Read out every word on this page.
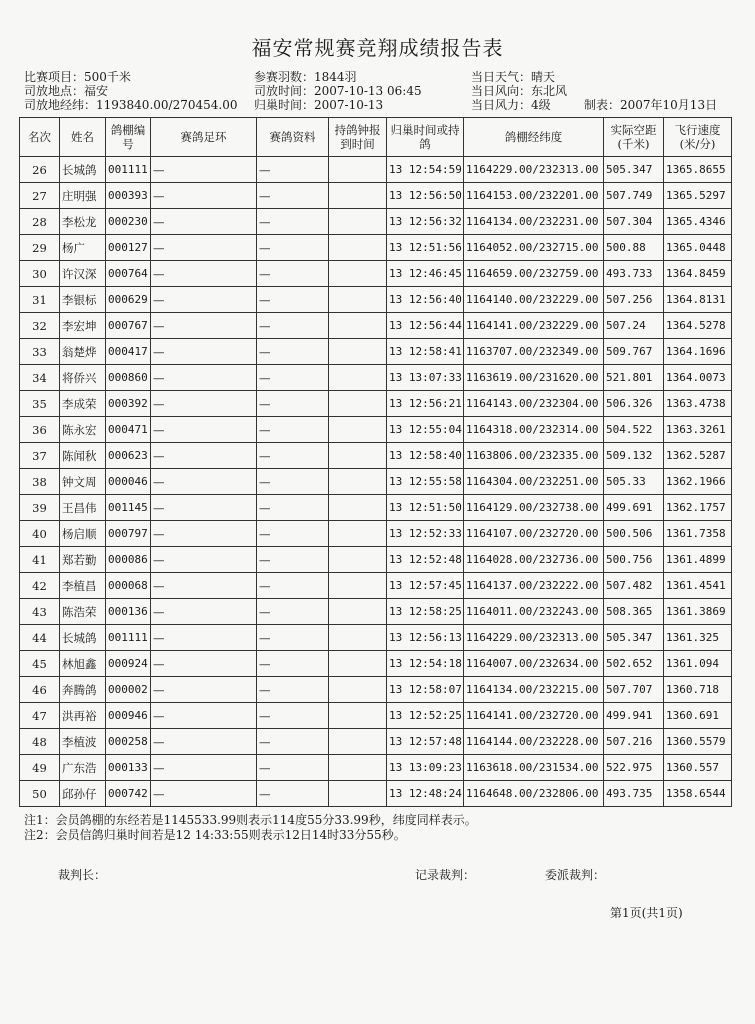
福安常规赛竞翔成绩报告表
比赛项目：500千米
司放地点：福安
司放地经纬：1193840.00/270454.00
参赛羽数：1844羽
司放时间：2007-10-13 06:45
归巢时间：2007-10-13
当日天气：晴天
当日风向：东北风
当日风力：4级	制表：2007年10月13日
名次	姓名	鸽棚编号	赛鸽足环	赛鸽资料	持鸽钟报到时间	归巢时间或持鸽	鸽棚经纬度	实际空距(千米)	飞行速度(米/分)
26	长城鸽	001111	—	—		13 12:54:59	1164229.00/232313.00	505.347	1365.8655
27	庄明强	000393	—	—		13 12:56:50	1164153.00/232201.00	507.749	1365.5297
28	李松龙	000230	—	—		13 12:56:32	1164134.00/232231.00	507.304	1365.4346
29	杨广	000127	—	—		13 12:51:56	1164052.00/232715.00	500.88	1365.0448
30	许汉深	000764	—	—		13 12:46:45	1164659.00/232759.00	493.733	1364.8459
31	李银标	000629	—	—		13 12:56:40	1164140.00/232229.00	507.256	1364.8131
32	李宏坤	000767	—	—		13 12:56:44	1164141.00/232229.00	507.24	1364.5278
33	翁楚烨	000417	—	—		13 12:58:41	1163707.00/232349.00	509.767	1364.1696
34	将侨兴	000860	—	—		13 13:07:33	1163619.00/231620.00	521.801	1364.0073
35	李成荣	000392	—	—		13 12:56:21	1164143.00/232304.00	506.326	1363.4738
36	陈永宏	000471	—	—		13 12:55:04	1164318.00/232314.00	504.522	1363.3261
37	陈闻秋	000623	—	—		13 12:58:40	1163806.00/232335.00	509.132	1362.5287
38	钟文周	000046	—	—		13 12:55:58	1164304.00/232251.00	505.33	1362.1966
39	王昌伟	001145	—	—		13 12:51:50	1164129.00/232738.00	499.691	1362.1757
40	杨启顺	000797	—	—		13 12:52:33	1164107.00/232720.00	500.506	1361.7358
41	郑若勤	000086	—	—		13 12:52:48	1164028.00/232736.00	500.756	1361.4899
42	李植昌	000068	—	—		13 12:57:45	1164137.00/232222.00	507.482	1361.4541
43	陈浩荣	000136	—	—		13 12:58:25	1164011.00/232243.00	508.365	1361.3869
44	长城鸽	001111	—	—		13 12:56:13	1164229.00/232313.00	505.347	1361.325
45	林旭鑫	000924	—	—		13 12:54:18	1164007.00/232634.00	502.652	1361.094
46	奔腾鸽	000002	—	—		13 12:58:07	1164134.00/232215.00	507.707	1360.718
47	洪再裕	000946	—	—		13 12:52:25	1164141.00/232720.00	499.941	1360.691
48	李植波	000258	—	—		13 12:57:48	1164144.00/232228.00	507.216	1360.5579
49	广东浩	000133	—	—		13 13:09:23	1163618.00/231534.00	522.975	1360.557
50	邱孙仔	000742	—	—		13 12:48:24	1164648.00/232806.00	493.735	1358.6544
注1：会员鸽棚的东经若是1145533.99则表示114度55分33.99秒，纬度同样表示。
注2：会员信鸽归巢时间若是12 14:33:55则表示12日14时33分55秒。
裁判长：	记录裁判：	委派裁判：
第1页(共1页)
